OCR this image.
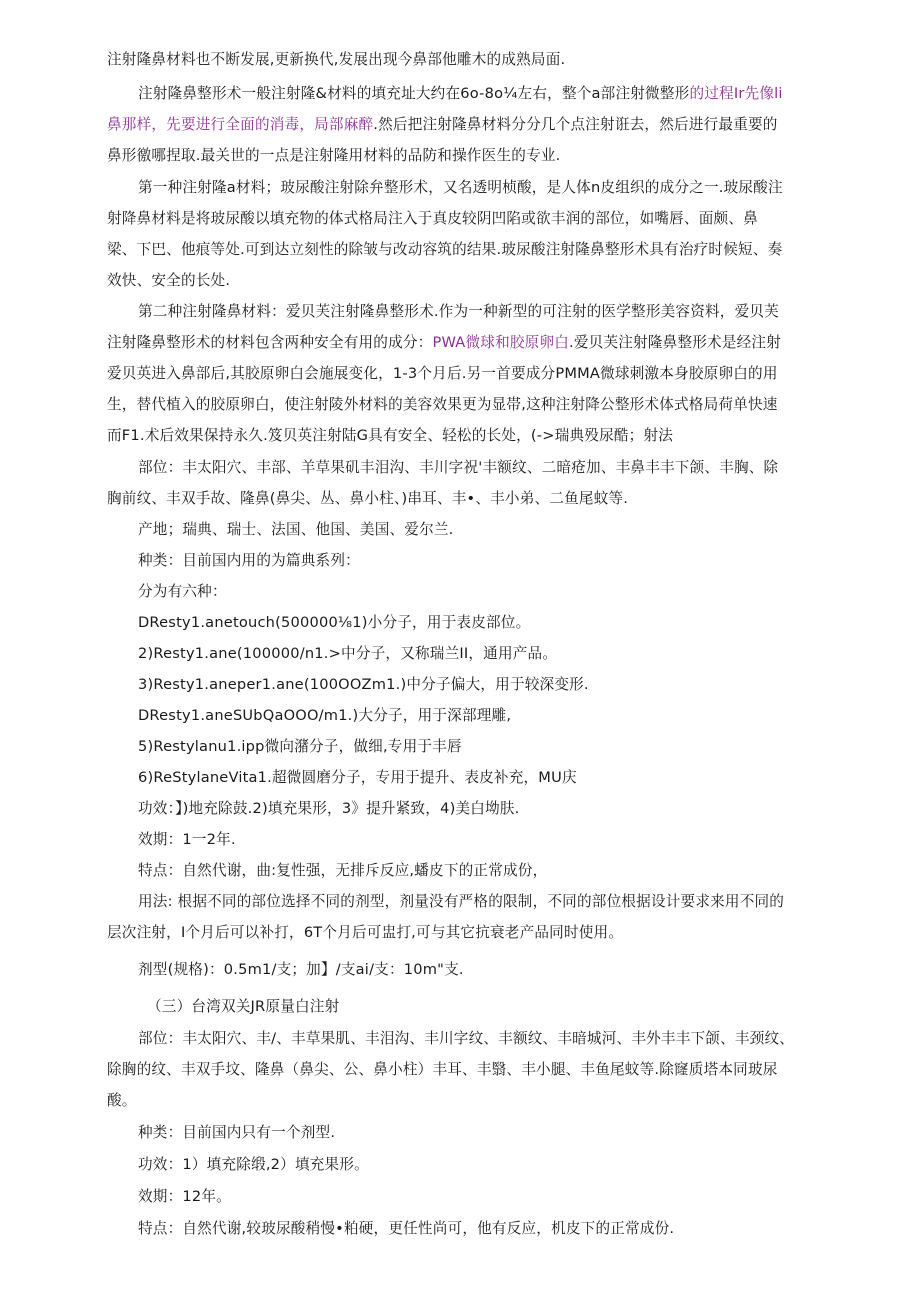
注射隆鼻材料也不断发展,更新换代,发展出现今鼻部他雕木的成熟局面.
注射隆鼻整形术一般注射隆&材料的填充址大约在6o-8o¼左右，整个a部注射微整形的过程Ir先像li
鼻那样，先要进行全面的消毒，局部麻醉.然后把注射隆鼻材料分分几个点注射诳去，然后进行最重要的
鼻形徼哪捏取.最关世的一点是注射隆用材料的品防和操作医生的专业.
第一种注射隆a材料；玻尿酸注射除弁整形术，又名透明桢酸，是人体n皮组织的成分之一.玻尿酸注
射降鼻材料是将玻尿酸以填充物的体式格局注入于真皮较阴凹陷或欲丰润的部位，如嘴唇、面颇、鼻
梁、下巴、他痕等处.可到达立刻性的除皱与改动容筑的结果.玻尿酸注射隆鼻整形术具有治疗时候短、奏
效快、安全的长处.
第二种注射隆鼻材料：爱贝芙注射隆鼻整形术.作为一种新型的可注射的医学整形美容资料，爱贝芙
注射隆鼻整形术的材料包含两种安全有用的成分：PWA微球和胶原卵白.爱贝芙注射隆鼻整形术是经注射
爱贝英进入鼻部后,其胶原卵白会施展变化，1-3个月后.另一首要成分PMMA微球刺激本身胶原卵白的用
生，替代植入的胶原卵白，使注射陵外材料的美容效果更为显帯,这种注射降公整形术体式格局荷单快速
而F1.术后效果保持永久.笈贝英注射陆G具有安全、轻松的长处，(->瑞典殁尿酷；射法
部位：丰太阳穴、丰部、羊草果矶丰泪沟、丰川字祝'丰额纹、二暗疮加、丰鼻丰丰下颌、丰胸、除
胸前纹、丰双手故、隆鼻(鼻尖、丛、鼻小柱、)串耳、丰•、丰小弟、二鱼尾蚊等.
产地；瑞典、瑞士、法国、他国、美国、爱尔兰.
种类：目前国内用的为篇典系列：
分为有六种：
DResty1.anetouch(500000⅛1)小分子，用于表皮部位。
2)Resty1.ane(100000∕n1.>中分子，又称瑞兰II，通用产品。
3)Resty1.aneper1.ane(100OOZm1.)中分子偏大，用于较深变形.
DResty1.aneSUbQaOOO/m1.)大分子，用于深部理雕,
5)Restylanu1.ipp微向潴分子，做细,专用于丰唇
6)ReStylaneVita1.超微圆磨分子，专用于提升、表皮补充，MU庆
功效：】)地充除鼓.2)填充果形，3》提升紧致，4)美白坳肤.
效期：1一2年.
特点：自然代谢，曲:复性强，无排斥反应,蟠皮下的正常成份，
用法: 根据不同的部位选择不同的剂型，剂量没有严格的限制，不同的部位根据设计要求来用不同的
层次注射，I个月后可以补打，6T个月后可盅打,可与其它抗衰老产品同时使用。
剂型(规格)：0.5m1/支；加】/支ai/支：10m"支.
（三）台湾双关JR原量白注射
部位：丰太阳穴、丰/、丰草果肌、丰泪沟、丰川字纹、丰额纹、丰暗城河、丰外丰丰下颌、丰颈纹、
除胸的纹、丰双手坟、隆鼻（鼻尖、公、鼻小柱）丰耳、丰翳、丰小腿、丰鱼尾蚊等.除窿质塔本同玻尿
酸。
种类：目前国内只有一个剂型.
功效：1）填充除缎,2）填充果形。
效期：12年。
特点：自然代谢,较玻尿酸稍慢•粕硬，更任性尚可，他有反应，机皮下的正常成份.
